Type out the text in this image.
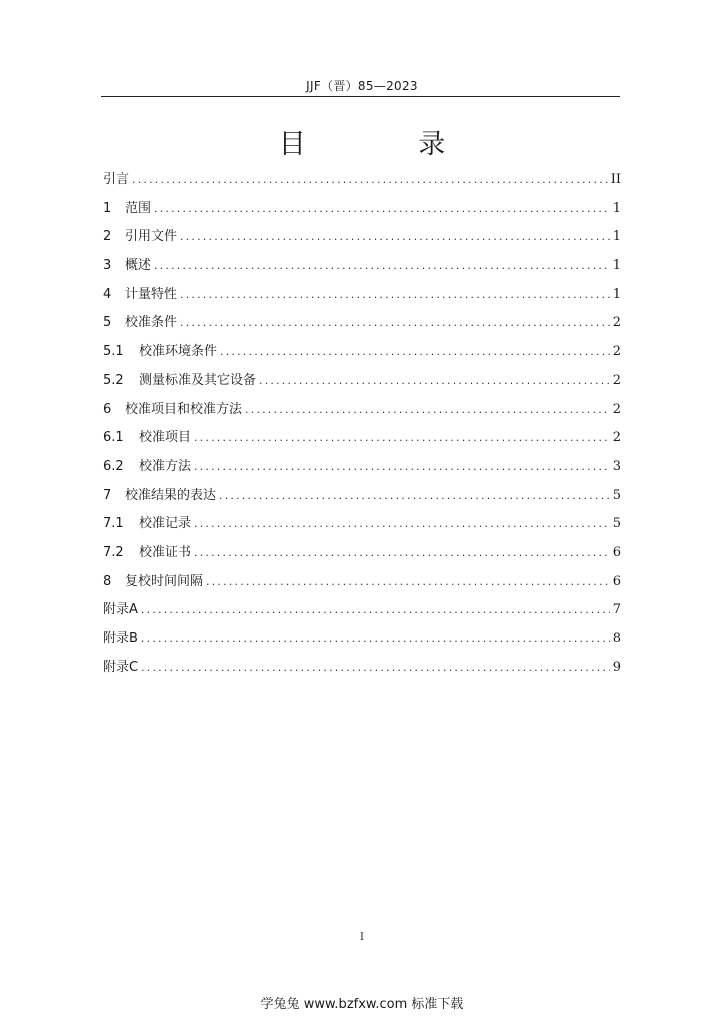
JJF（晋）85—2023
目 录
引言 .....	II
1	范围 .....	1
2	引用文件 .....	1
3	概述 .....	1
4	计量特性 .....	1
5	校准条件 .....	2
5.1	校准环境条件 .....	2
5.2	测量标准及其它设备 .....	2
6	校准项目和校准方法 .....	2
6.1	校准项目 .....	2
6.2	校准方法 .....	3
7	校准结果的表达 .....	5
7.1	校准记录 .....	5
7.2	校准证书 .....	6
8	复校时间间隔 .....	6
附录A .....	7
附录B .....	8
附录C .....	9
I
学兔兔 www.bzfxw.com 标准下载
